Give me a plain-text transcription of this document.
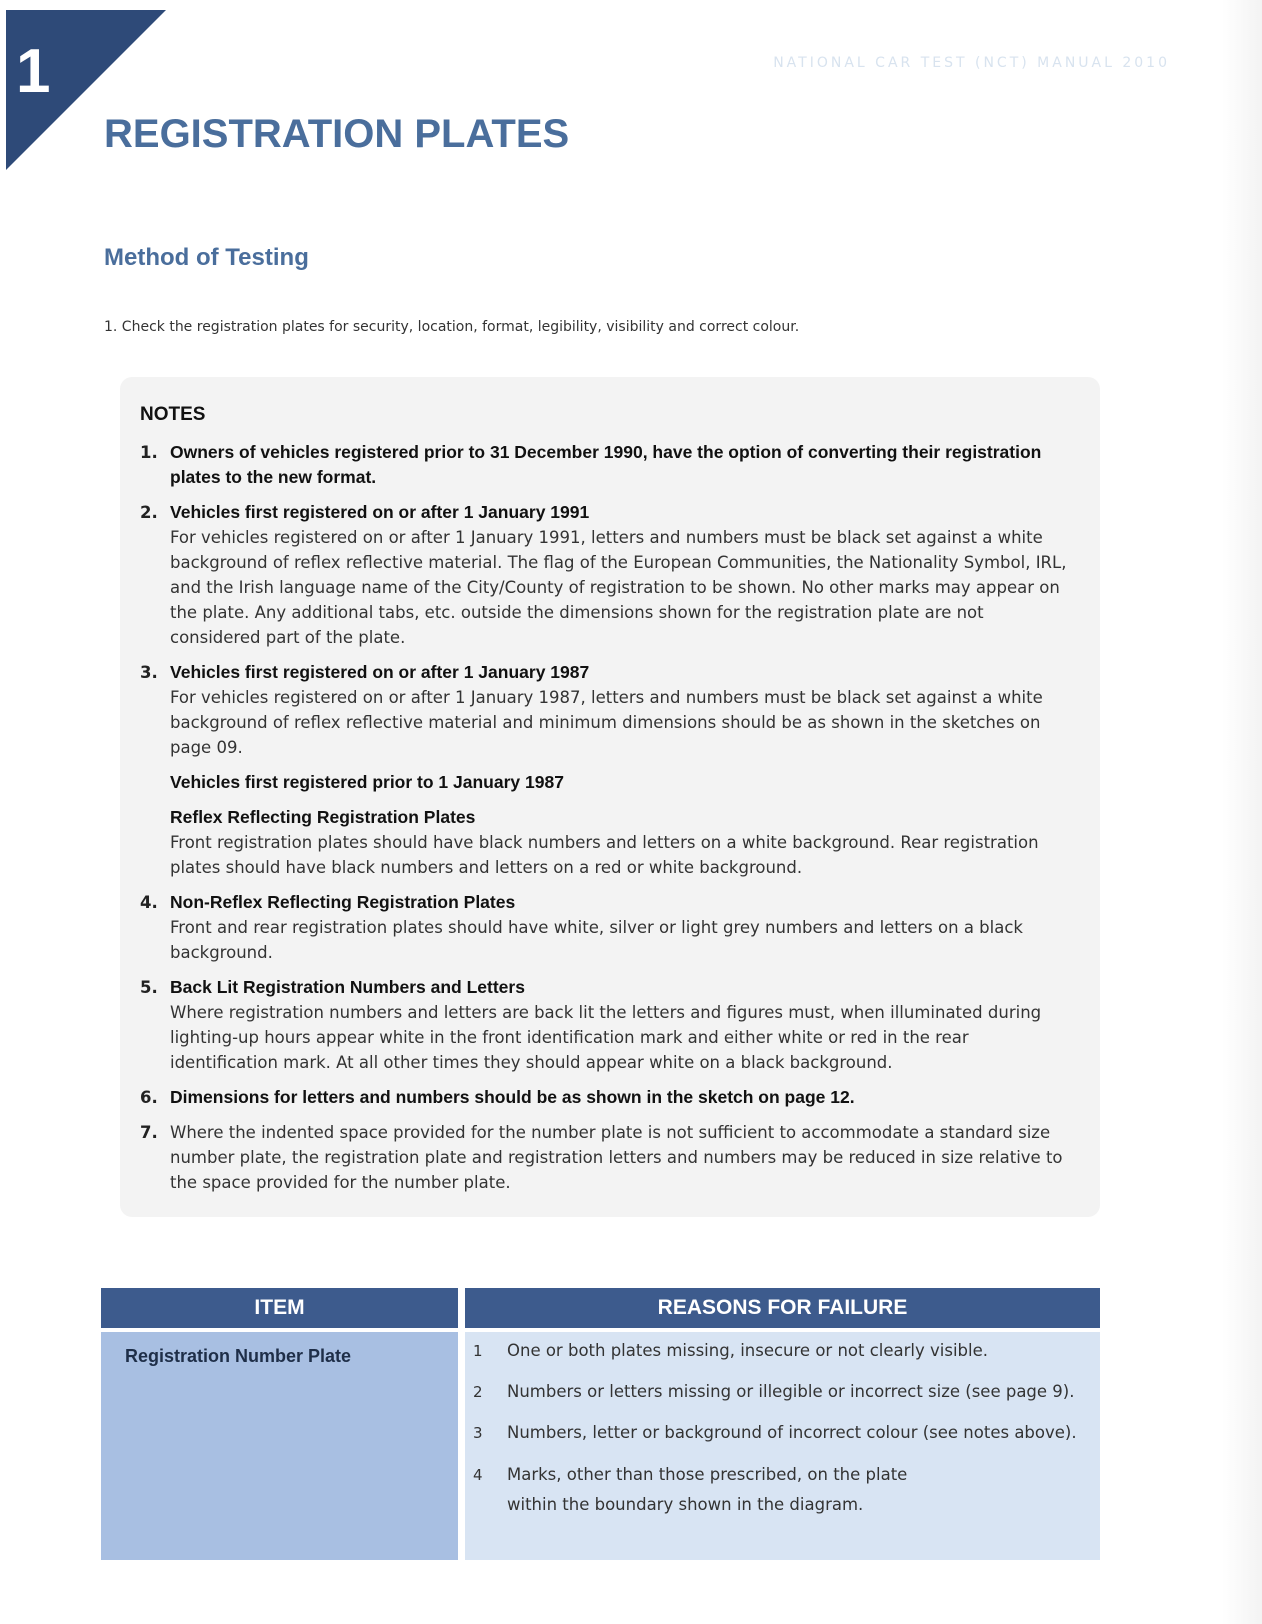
1	NATIONAL CAR TEST (NCT) MANUAL 2010
REGISTRATION PLATES
Method of Testing

1. Check the registration plates for security, location, format, legibility, visibility and correct colour.

NOTES
1. Owners of vehicles registered prior to 31 December 1990, have the option of converting their registration plates to the new format.
2. Vehicles first registered on or after 1 January 1991
For vehicles registered on or after 1 January 1991, letters and numbers must be black set against a white background of reflex reflective material. The flag of the European Communities, the Nationality Symbol, IRL, and the Irish language name of the City/County of registration to be shown. No other marks may appear on the plate. Any additional tabs, etc. outside the dimensions shown for the registration plate are not considered part of the plate.
3. Vehicles first registered on or after 1 January 1987
For vehicles registered on or after 1 January 1987, letters and numbers must be black set against a white background of reflex reflective material and minimum dimensions should be as shown in the sketches on page 09.
Vehicles first registered prior to 1 January 1987
Reflex Reflecting Registration Plates
Front registration plates should have black numbers and letters on a white background. Rear registration plates should have black numbers and letters on a red or white background.
4. Non-Reflex Reflecting Registration Plates
Front and rear registration plates should have white, silver or light grey numbers and letters on a black background.
5. Back Lit Registration Numbers and Letters
Where registration numbers and letters are back lit the letters and figures must, when illuminated during lighting-up hours appear white in the front identification mark and either white or red in the rear identification mark. At all other times they should appear white on a black background.
6. Dimensions for letters and numbers should be as shown in the sketch on page 12.
7. Where the indented space provided for the number plate is not sufficient to accommodate a standard size number plate, the registration plate and registration letters and numbers may be reduced in size relative to the space provided for the number plate.
ITEM	REASONS FOR FAILURE

Registration Number Plate	1	One or both plates missing, insecure or not clearly visible.
2	Numbers or letters missing or illegible or incorrect size (see page 9).
3	Numbers, letter or background of incorrect colour (see notes above).
4	Marks, other than those prescribed, on the plate within the boundary shown in the diagram.
